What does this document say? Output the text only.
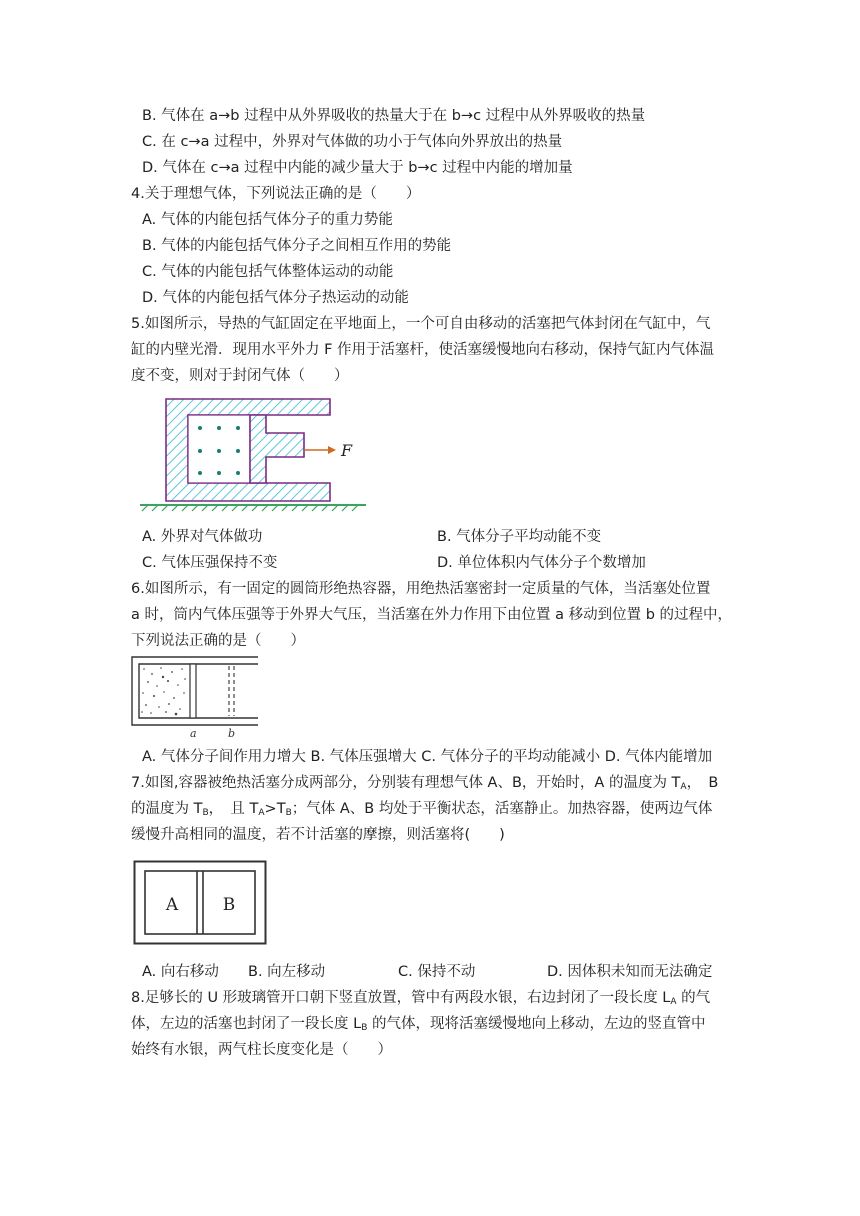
B. 气体在 a→b 过程中从外界吸收的热量大于在 b→c 过程中从外界吸收的热量
C. 在 c→a 过程中，外界对气体做的功小于气体向外界放出的热量
D. 气体在 c→a 过程中内能的减少量大于 b→c 过程中内能的增加量
4.关于理想气体，下列说法正确的是（　　）
A. 气体的内能包括气体分子的重力势能
B. 气体的内能包括气体分子之间相互作用的势能
C. 气体的内能包括气体整体运动的动能
D. 气体的内能包括气体分子热运动的动能
5.如图所示，导热的气缸固定在平地面上，一个可自由移动的活塞把气体封闭在气缸中，气
缸的内壁光滑．现用水平外力 F 作用于活塞杆，使活塞缓慢地向右移动，保持气缸内气体温
度不变，则对于封闭气体（　　）
F
A. 外界对气体做功	B. 气体分子平均动能不变
C. 气体压强保持不变	D. 单位体积内气体分子个数增加
6.如图所示，有一固定的圆筒形绝热容器，用绝热活塞密封一定质量的气体，当活塞处位置
a 时，筒内气体压强等于外界大气压，当活塞在外力作用下由位置 a 移动到位置 b 的过程中，
下列说法正确的是（　　）
a	b
A. 气体分子间作用力增大 B. 气体压强增大 C. 气体分子的平均动能减小 D. 气体内能增加
7.如图,容器被绝热活塞分成两部分，分别装有理想气体 A、B，开始时，A 的温度为 $T_A$，　B
的温度为 $T_B$，　且 $T_A>T_B$；气体 A、B 均处于平衡状态，活塞静止。加热容器，使两边气体
缓慢升高相同的温度，若不计活塞的摩擦，则活塞将(　　)
A	B
A. 向右移动 B. 向左移动	C. 保持不动	D. 因体积未知而无法确定
8.足够长的 U 形玻璃管开口朝下竖直放置，管中有两段水银，右边封闭了一段长度 $L_A$ 的气
体，左边的活塞也封闭了一段长度 $L_B$ 的气体，现将活塞缓慢地向上移动，左边的竖直管中
始终有水银，两气柱长度变化是（　　）
